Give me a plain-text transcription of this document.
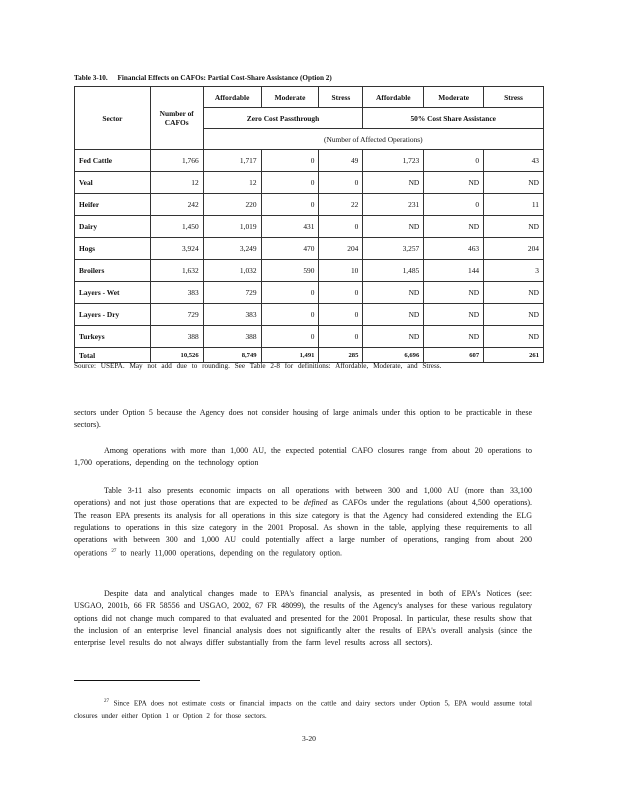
Table 3-10. Financial Effects on CAFOs: Partial Cost-Share Assistance (Option 2)
Sector	Number of CAFOs	Affordable	Moderate	Stress	Affordable	Moderate	Stress
		Zero Cost Passthrough			50% Cost Share Assistance		
		(Number of Affected Operations)					
Fed Cattle	1,766	1,717	0	49	1,723	0	43
Veal	12	12	0	0	ND	ND	ND
Heifer	242	220	0	22	231	0	11
Dairy	1,450	1,019	431	0	ND	ND	ND
Hogs	3,924	3,249	470	204	3,257	463	204
Broilers	1,632	1,032	590	10	1,485	144	3
Layers - Wet	383	729	0	0	ND	ND	ND
Layers - Dry	729	383	0	0	ND	ND	ND
Turkeys	388	388	0	0	ND	ND	ND
Total	10,526	8,749	1,491	285	6,696	607	261
Source: USEPA. May not add due to rounding. See Table 2-8 for definitions: Affordable, Moderate, and Stress.

sectors under Option 5 because the Agency does not consider housing of large animals under this option to be practicable in these sectors).

Among operations with more than 1,000 AU, the expected potential CAFO closures range from about 20 operations to 1,700 operations, depending on the technology option

Table 3-11 also presents economic impacts on all operations with between 300 and 1,000 AU (more than 33,100 operations) and not just those operations that are expected to be defined as CAFOs under the regulations (about 4,500 operations). The reason EPA presents its analysis for all operations in this size category is that the Agency had considered extending the ELG regulations to operations in this size category in the 2001 Proposal. As shown in the table, applying these requirements to all operations with between 300 and 1,000 AU could potentially affect a large number of operations, ranging from about 200 operations $^{27}$ to nearly 11,000 operations, depending on the regulatory option.

Despite data and analytical changes made to EPA's financial analysis, as presented in both of EPA's Notices (see: USGAO, 2001b, 66 FR 58556 and USGAO, 2002, 67 FR 48099), the results of the Agency's analyses for these various regulatory options did not change much compared to that evaluated and presented for the 2001 Proposal. In particular, these results show that the inclusion of an enterprise level financial analysis does not significantly alter the results of EPA's overall analysis (since the enterprise level results do not always differ substantially from the farm level results across all sectors).

$^{27}$ Since EPA does not estimate costs or financial impacts on the cattle and dairy sectors under Option 5, EPA would assume total closures under either Option 1 or Option 2 for those sectors.

3-20
